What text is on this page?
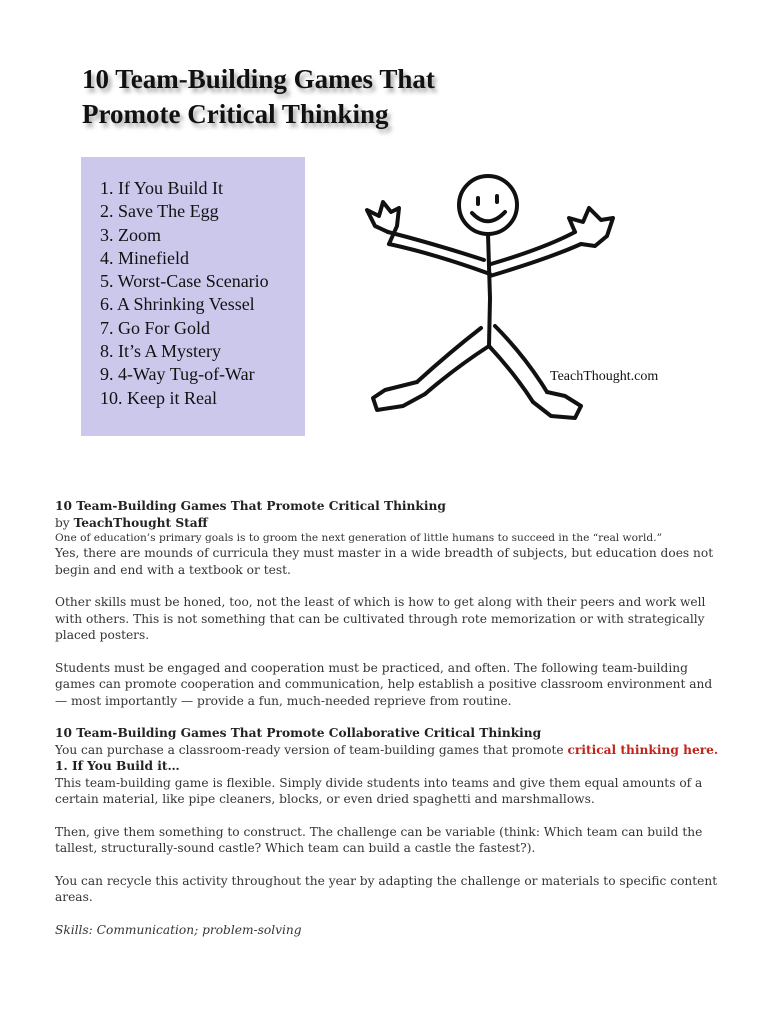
10 Team-Building Games That
Promote Critical Thinking
1. If You Build It
2. Save The Egg
3. Zoom
4. Minefield
5. Worst-Case Scenario
6. A Shrinking Vessel
7. Go For Gold
8. It’s A Mystery
9. 4-Way Tug-of-War
10. Keep it Real
TeachThought.com

10 Team-Building Games That Promote Critical Thinking

by TeachThought Staff

One of education’s primary goals is to groom the next generation of little humans to succeed in the “real world.”

Yes, there are mounds of curricula they must master in a wide breadth of subjects, but education does not begin and end with a textbook or test.

Other skills must be honed, too, not the least of which is how to get along with their peers and work well with others. This is not something that can be cultivated through rote memorization or with strategically placed posters.

Students must be engaged and cooperation must be practiced, and often. The following team-building games can promote cooperation and communication, help establish a positive classroom environment and — most importantly — provide a fun, much-needed reprieve from routine.

10 Team-Building Games That Promote Collaborative Critical Thinking

You can purchase a classroom-ready version of team-building games that promote critical thinking here.

1. If You Build it…

This team-building game is flexible. Simply divide students into teams and give them equal amounts of a certain material, like pipe cleaners, blocks, or even dried spaghetti and marshmallows.

Then, give them something to construct. The challenge can be variable (think: Which team can build the tallest, structurally-sound castle? Which team can build a castle the fastest?).

You can recycle this activity throughout the year by adapting the challenge or materials to specific content areas.

Skills: Communication; problem-solving
